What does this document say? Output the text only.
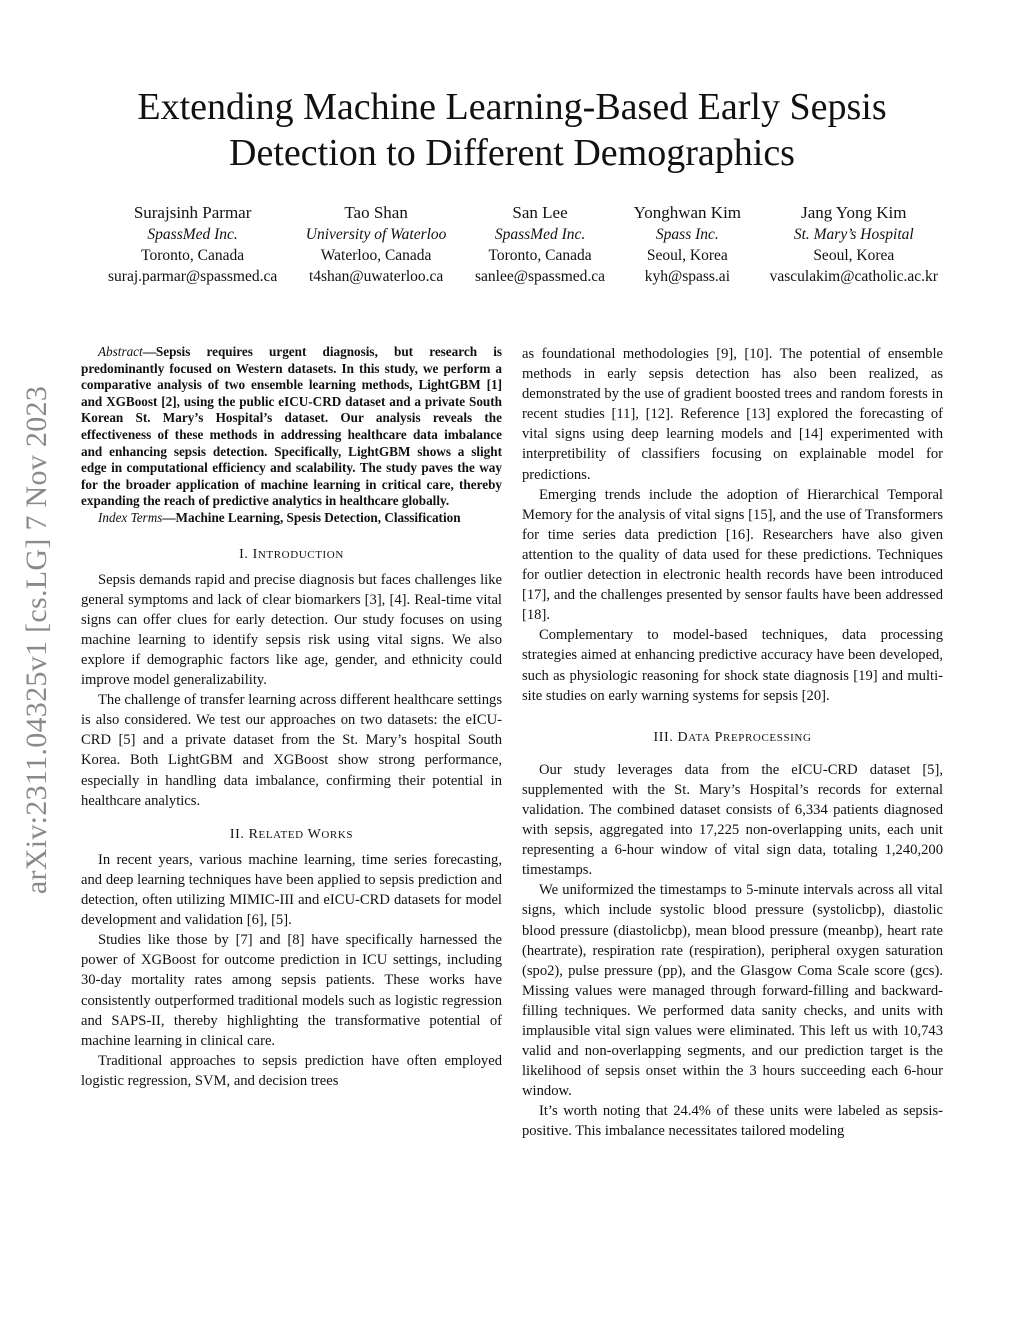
arXiv:2311.04325v1 [cs.LG] 7 Nov 2023
Extending Machine Learning-Based Early Sepsis
Detection to Different Demographics
Surajsinh Parmar
SpassMed Inc.
Toronto, Canada
suraj.parmar@spassmed.ca
Tao Shan
University of Waterloo
Waterloo, Canada
t4shan@uwaterloo.ca
San Lee
SpassMed Inc.
Toronto, Canada
sanlee@spassmed.ca
Yonghwan Kim
Spass Inc.
Seoul, Korea
kyh@spass.ai
Jang Yong Kim
St. Mary’s Hospital
Seoul, Korea
vasculakim@catholic.ac.kr

Abstract—Sepsis requires urgent diagnosis, but research is predominantly focused on Western datasets. In this study, we perform a comparative analysis of two ensemble learning methods, LightGBM [1] and XGBoost [2], using the public eICU-CRD dataset and a private South Korean St. Mary’s Hospital’s dataset. Our analysis reveals the effectiveness of these methods in addressing healthcare data imbalance and enhancing sepsis detection. Specifically, LightGBM shows a slight edge in computational efficiency and scalability. The study paves the way for the broader application of machine learning in critical care, thereby expanding the reach of predictive analytics in healthcare globally.

Index Terms—Machine Learning, Spesis Detection, Classification

I. INTRODUCTION

Sepsis demands rapid and precise diagnosis but faces challenges like general symptoms and lack of clear biomarkers [3], [4]. Real-time vital signs can offer clues for early detection. Our study focuses on using machine learning to identify sepsis risk using vital signs. We also explore if demographic factors like age, gender, and ethnicity could improve model generalizability.

The challenge of transfer learning across different healthcare settings is also considered. We test our approaches on two datasets: the eICU-CRD [5] and a private dataset from the St. Mary’s hospital South Korea. Both LightGBM and XGBoost show strong performance, especially in handling data imbalance, confirming their potential in healthcare analytics.

II. RELATED WORKS

In recent years, various machine learning, time series forecasting, and deep learning techniques have been applied to sepsis prediction and detection, often utilizing MIMIC-III and eICU-CRD datasets for model development and validation [6], [5].

Studies like those by [7] and [8] have specifically harnessed the power of XGBoost for outcome prediction in ICU settings, including 30-day mortality rates among sepsis patients. These works have consistently outperformed traditional models such as logistic regression and SAPS-II, thereby highlighting the transformative potential of machine learning in clinical care.

Traditional approaches to sepsis prediction have often employed logistic regression, SVM, and decision trees

as foundational methodologies [9], [10]. The potential of ensemble methods in early sepsis detection has also been realized, as demonstrated by the use of gradient boosted trees and random forests in recent studies [11], [12]. Reference [13] explored the forecasting of vital signs using deep learning models and [14] experimented with interpretibility of classifiers focusing on explainable model for predictions.

Emerging trends include the adoption of Hierarchical Temporal Memory for the analysis of vital signs [15], and the use of Transformers for time series data prediction [16]. Researchers have also given attention to the quality of data used for these predictions. Techniques for outlier detection in electronic health records have been introduced [17], and the challenges presented by sensor faults have been addressed [18].

Complementary to model-based techniques, data processing strategies aimed at enhancing predictive accuracy have been developed, such as physiologic reasoning for shock state diagnosis [19] and multi-site studies on early warning systems for sepsis [20].

III. DATA PREPROCESSING

Our study leverages data from the eICU-CRD dataset [5], supplemented with the St. Mary’s Hospital’s records for external validation. The combined dataset consists of 6,334 patients diagnosed with sepsis, aggregated into 17,225 non-overlapping units, each unit representing a 6-hour window of vital sign data, totaling 1,240,200 timestamps.

We uniformized the timestamps to 5-minute intervals across all vital signs, which include systolic blood pressure (systolicbp), diastolic blood pressure (diastolicbp), mean blood pressure (meanbp), heart rate (heartrate), respiration rate (respiration), peripheral oxygen saturation (spo2), pulse pressure (pp), and the Glasgow Coma Scale score (gcs). Missing values were managed through forward-filling and backward-filling techniques. We performed data sanity checks, and units with implausible vital sign values were eliminated. This left us with 10,743 valid and non-overlapping segments, and our prediction target is the likelihood of sepsis onset within the 3 hours succeeding each 6-hour window.

It’s worth noting that 24.4% of these units were labeled as sepsis-positive. This imbalance necessitates tailored modeling
